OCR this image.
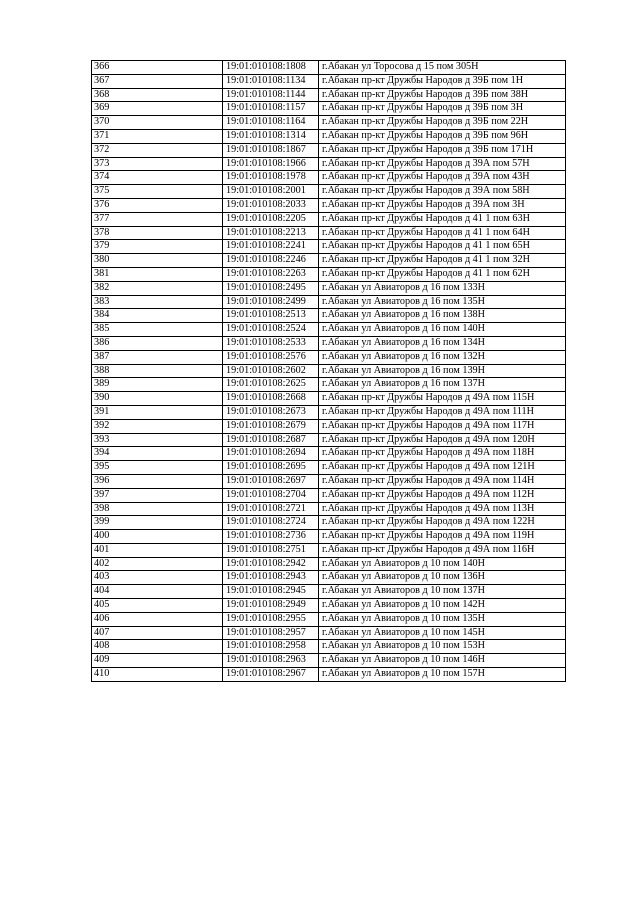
366	19:01:010108:1808	г.Абакан ул Торосова д 15 пом 305Н
367	19:01:010108:1134	г.Абакан пр-кт Дружбы Народов д 39Б пом 1Н
368	19:01:010108:1144	г.Абакан пр-кт Дружбы Народов д 39Б пом 38Н
369	19:01:010108:1157	г.Абакан пр-кт Дружбы Народов д 39Б пом 3Н
370	19:01:010108:1164	г.Абакан пр-кт Дружбы Народов д 39Б пом 22Н
371	19:01:010108:1314	г.Абакан пр-кт Дружбы Народов д 39Б пом 96Н
372	19:01:010108:1867	г.Абакан пр-кт Дружбы Народов д 39Б пом 171Н
373	19:01:010108:1966	г.Абакан пр-кт Дружбы Народов д 39А пом 57Н
374	19:01:010108:1978	г.Абакан пр-кт Дружбы Народов д 39А пом 43Н
375	19:01:010108:2001	г.Абакан пр-кт Дружбы Народов д 39А пом 58Н
376	19:01:010108:2033	г.Абакан пр-кт Дружбы Народов д 39А пом 3Н
377	19:01:010108:2205	г.Абакан пр-кт Дружбы Народов д 41 1 пом 63Н
378	19:01:010108:2213	г.Абакан пр-кт Дружбы Народов д 41 1 пом 64Н
379	19:01:010108:2241	г.Абакан пр-кт Дружбы Народов д 41 1 пом 65Н
380	19:01:010108:2246	г.Абакан пр-кт Дружбы Народов д 41 1 пом 32Н
381	19:01:010108:2263	г.Абакан пр-кт Дружбы Народов д 41 1 пом 62Н
382	19:01:010108:2495	г.Абакан ул Авиаторов д 16 пом 133Н
383	19:01:010108:2499	г.Абакан ул Авиаторов д 16 пом 135Н
384	19:01:010108:2513	г.Абакан ул Авиаторов д 16 пом 138Н
385	19:01:010108:2524	г.Абакан ул Авиаторов д 16 пом 140Н
386	19:01:010108:2533	г.Абакан ул Авиаторов д 16 пом 134Н
387	19:01:010108:2576	г.Абакан ул Авиаторов д 16 пом 132Н
388	19:01:010108:2602	г.Абакан ул Авиаторов д 16 пом 139Н
389	19:01:010108:2625	г.Абакан ул Авиаторов д 16 пом 137Н
390	19:01:010108:2668	г.Абакан пр-кт Дружбы Народов д 49А пом 115Н
391	19:01:010108:2673	г.Абакан пр-кт Дружбы Народов д 49А пом 111Н
392	19:01:010108:2679	г.Абакан пр-кт Дружбы Народов д 49А пом 117Н
393	19:01:010108:2687	г.Абакан пр-кт Дружбы Народов д 49А пом 120Н
394	19:01:010108:2694	г.Абакан пр-кт Дружбы Народов д 49А пом 118Н
395	19:01:010108:2695	г.Абакан пр-кт Дружбы Народов д 49А пом 121Н
396	19:01:010108:2697	г.Абакан пр-кт Дружбы Народов д 49А пом 114Н
397	19:01:010108:2704	г.Абакан пр-кт Дружбы Народов д 49А пом 112Н
398	19:01:010108:2721	г.Абакан пр-кт Дружбы Народов д 49А пом 113Н
399	19:01:010108:2724	г.Абакан пр-кт Дружбы Народов д 49А пом 122Н
400	19:01:010108:2736	г.Абакан пр-кт Дружбы Народов д 49А пом 119Н
401	19:01:010108:2751	г.Абакан пр-кт Дружбы Народов д 49А пом 116Н
402	19:01:010108:2942	г.Абакан ул Авиаторов д 10 пом 140Н
403	19:01:010108:2943	г.Абакан ул Авиаторов д 10 пом 136Н
404	19:01:010108:2945	г.Абакан ул Авиаторов д 10 пом 137Н
405	19:01:010108:2949	г.Абакан ул Авиаторов д 10 пом 142Н
406	19:01:010108:2955	г.Абакан ул Авиаторов д 10 пом 135Н
407	19:01:010108:2957	г.Абакан ул Авиаторов д 10 пом 145Н
408	19:01:010108:2958	г.Абакан ул Авиаторов д 10 пом 153Н
409	19:01:010108:2963	г.Абакан ул Авиаторов д 10 пом 146Н
410	19:01:010108:2967	г.Абакан ул Авиаторов д 10 пом 157Н
